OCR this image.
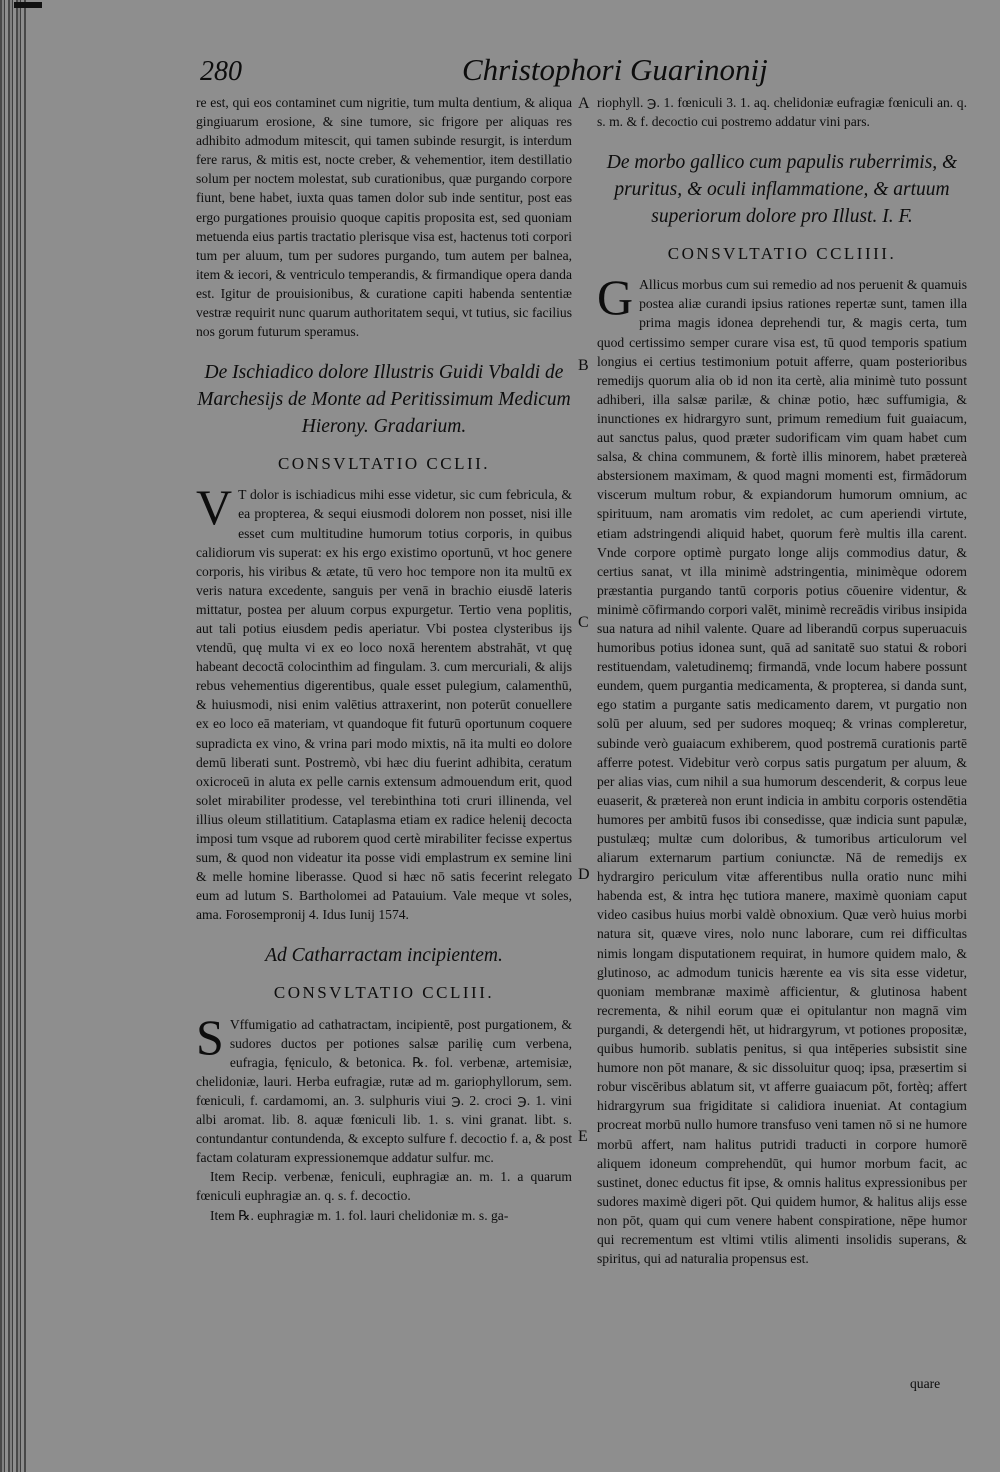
280	Christophori Guarinonij
A
B
C
D
E

re est, qui eos contaminet cum nigritie, tum multa dentium, & aliqua gingiuarum erosione, & sine tumore, sic frigore per aliquas res adhibito admodum mitescit, qui tamen subinde resurgit, is interdum fere rarus, & mitis est, nocte creber, & vehementior, item destillatio solum per noctem molestat, sub curationibus, quæ purgando corpore fiunt, bene habet, iuxta quas tamen dolor sub inde sentitur, post eas ergo purgationes prouisio quoque capitis proposita est, sed quoniam metuenda eius partis tractatio plerisque visa est, hactenus toti corpori tum per aluum, tum per sudores purgando, tum autem per balnea, item & iecori, & ventriculo temperandis, & firmandique opera danda est. Igitur de prouisionibus, & curatione capiti habenda sententiæ vestræ requirit nunc quarum authoritatem sequi, vt tutius, sic facilius nos gorum futurum speramus.

De Ischiadico dolore Illustris Guidi Vbaldi de Marchesijs de Monte ad Peritissimum Medicum Hierony. Gradarium.
CONSVLTATIO CCLII.

V T dolor is ischiadicus mihi esse videtur, sic cum febricula, & ea propterea, & sequi eiusmodi dolorem non posset, nisi ille esset cum multitudine humorum totius corporis, in quibus calidiorum vis superat: ex his ergo existimo oportunū, vt hoc genere corporis, his viribus & ætate, tū vero hoc tempore non ita multū ex veris natura excedente, sanguis per venā in brachio eiusdē lateris mittatur, postea per aluum corpus expurgetur. Tertio vena poplitis, aut tali potius eiusdem pedis aperiatur. Vbi postea clysteribus ijs vtendū, quę multa vi ex eo loco noxā herentem abstrahāt, vt quę habeant decoctā colocinthim ad fingulam. 3. cum mercuriali, & alijs rebus vehementius digerentibus, quale esset pulegium, calamenthū, & huiusmodi, nisi enim valētius attraxerint, non poterūt conuellere ex eo loco eā materiam, vt quandoque fit futurū oportunum coquere supradicta ex vino, & vrina pari modo mixtis, nā ita multi eo dolore demū liberati sunt. Postremò, vbi hæc diu fuerint adhibita, ceratum oxicroceū in aluta ex pelle carnis extensum admouendum erit, quod solet mirabiliter prodesse, vel terebinthina toti cruri illinenda, vel illius oleum stillatitium. Cataplasma etiam ex radice heleniį decocta imposi tum vsque ad ruborem quod certè mirabiliter fecisse expertus sum, & quod non videatur ita posse vidi emplastrum ex semine lini & melle homine liberasse. Quod si hæc nō satis fecerint relegato eum ad lutum S. Bartholomei ad Patauium. Vale meque vt soles, ama. Forosempronij 4. Idus Iunij 1574.

Ad Catharractam incipientem.
CONSVLTATIO CCLIII.

S Vffumigatio ad cathatractam, incipientē, post purgationem, & sudores ductos per potiones salsæ parilię cum verbena, eufragia, fęniculo, & betonica. ℞. fol. verbenæ, artemisiæ, chelidoniæ, lauri. Herba eufragiæ, rutæ ad m. gariophyllorum, sem. fœniculi, f. cardamomi, an. 3. sulphuris viui ℈. 2. croci ℈. 1. vini albi aromat. lib. 8. aquæ fœniculi lib. 1. s. vini granat. libt. s. contundantur contundenda, & excepto sulfure f. decoctio f. a, & post factam colaturam expressionemque addatur sulfur. mc.

Item Recip. verbenæ, feniculi, euphragiæ an. m. 1. a quarum fœniculi euphragiæ an. q. s. f. decoctio.

Item ℞. euphragiæ m. 1. fol. lauri chelidoniæ m. s. ga-

riophyll. ℈. 1. fœniculi 3. 1. aq. chelidoniæ eufragiæ fœniculi an. q. s. m. & f. decoctio cui postremo addatur vini pars.

De morbo gallico cum papulis ruberrimis, & pruritus, & oculi inflammatione, & artuum superiorum dolore pro Illust. I. F.
CONSVLTATIO CCLIIII.

G Allicus morbus cum sui remedio ad nos peruenit & quamuis postea aliæ curandi ipsius rationes repertæ sunt, tamen illa prima magis idonea deprehendi tur, & magis certa, tum quod certissimo semper curare visa est, tū quod temporis spatium longius ei certius testimonium potuit afferre, quam posterioribus remedijs quorum alia ob id non ita certè, alia minimè tuto possunt adhiberi, illa salsæ parilæ, & chinæ potio, hæc suffumigia, & inunctiones ex hidrargyro sunt, primum remedium fuit guaiacum, aut sanctus palus, quod præter sudorificam vim quam habet cum salsa, & china communem, & fortè illis minorem, habet prætereà abstersionem maximam, & quod magni momenti est, firmādorum viscerum multum robur, & expiandorum humorum omnium, ac spirituum, nam aromatis vim redolet, ac cum aperiendi virtute, etiam adstringendi aliquid habet, quorum ferè multis illa carent. Vnde corpore optimè purgato longe alijs commodius datur, & certius sanat, vt illa minimè adstringentia, minimèque odorem præstantia purgando tantū corporis potius cōuenire videntur, & minimè cōfirmando corpori valēt, minimè recreādis viribus insipida sua natura ad nihil valente. Quare ad liberandū corpus superuacuis humoribus potius idonea sunt, quā ad sanitatē suo statui & robori restituendam, valetudinemq; firmandā, vnde locum habere possunt eundem, quem purgantia medicamenta, & propterea, si danda sunt, ego statim a purgante satis medicamento darem, vt purgatio non solū per aluum, sed per sudores moqueq; & vrinas compleretur, subinde verò guaiacum exhiberem, quod postremā curationis partē afferre potest. Videbitur verò corpus satis purgatum per aluum, & per alias vias, cum nihil a sua humorum descenderit, & corpus leue euaserit, & prætereà non erunt indicia in ambitu corporis ostendētia humores per ambitū fusos ibi consedisse, quæ indicia sunt papulæ, pustulæq; multæ cum doloribus, & tumoribus articulorum vel aliarum externarum partium coniunctæ. Nā de remedijs ex hydrargiro periculum vitæ afferentibus nulla oratio nunc mihi habenda est, & intra hęc tutiora manere, maximè quoniam caput video casibus huius morbi valdè obnoxium. Quæ verò huius morbi natura sit, quæve vires, nolo nunc laborare, cum rei difficultas nimis longam disputationem requirat, in humore quidem malo, & glutinoso, ac admodum tunicis hærente ea vis sita esse videtur, quoniam membranæ maximè afficientur, & glutinosa habent recrementa, & nihil eorum quæ ei opitulantur non magnā vim purgandi, & detergendi hēt, ut hidrargyrum, vt potiones propositæ, quibus humorib. sublatis penitus, si qua intēperies subsistit sine humore non pōt manare, & sic dissoluitur quoq; ipsa, præsertim si robur viscēribus ablatum sit, vt afferre guaiacum pōt, fortèq; affert hidrargyrum sua frigiditate si calidiora inueniat. At contagium procreat morbū nullo humore transfuso veni tamen nō si ne humore morbū affert, nam halitus putridi traducti in corpore humorē aliquem idoneum comprehendūt, qui humor morbum facit, ac sustinet, donec eductus fit ipse, & omnis halitus expressionibus per sudores maximè digeri pōt. Qui quidem humor, & halitus alijs esse non pōt, quam qui cum venere habent conspiratione, nēpe humor qui recrementum est vltimi vtilis alimenti insolidis superans, & spiritus, qui ad naturalia propensus est.

quare
